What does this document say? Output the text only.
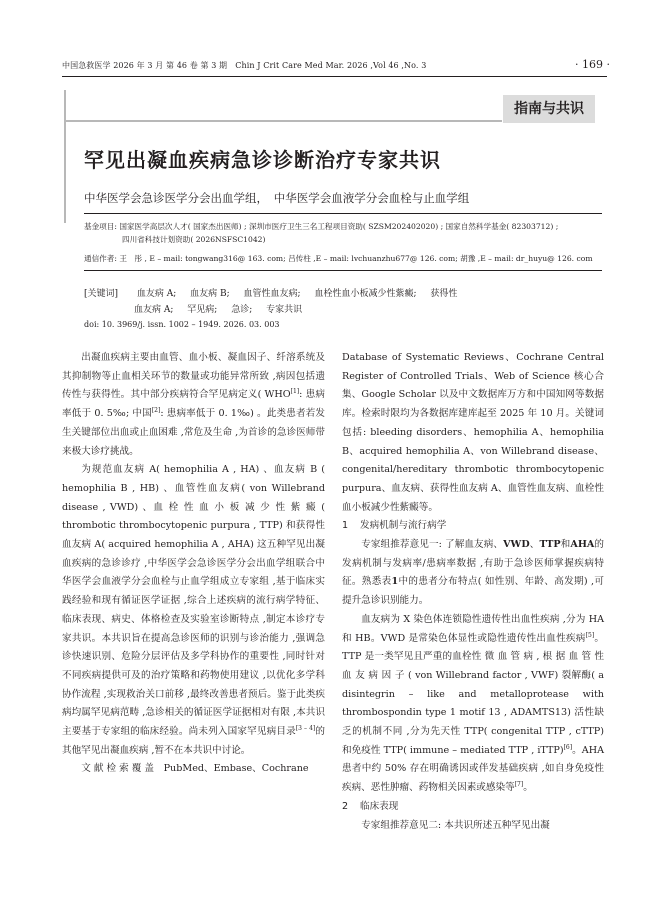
中国急救医学 2026 年 3 月 第 46 卷 第 3 期　Chin J Crit Care Med Mar. 2026 ,Vol 46 ,No. 3	· 169 ·
指南与共识
罕见出凝血疾病急诊诊断治疗专家共识
中华医学会急诊医学分会出血学组，　中华医学会血液学分会血栓与止血学组
基金项目: 国家医学高层次人才( 国家杰出医师) ; 深圳市医疗卫生三名工程项目资助( SZSM202402020) ; 国家自然科学基金( 82303712) ;
四川省科技计划资助( 2026NSFSC1042)
通信作者: 王　彤 , E – mail: tongwang316@ 163. com; 吕传柱 ,E – mail: lvchuanzhu677@ 126. com; 胡豫 ,E – mail: dr_huyu@ 126. com
[关键词] 血友病 A; 血友病 B; 血管性血友病; 血栓性血小板减少性紫癜; 获得性
血友病 A; 罕见病; 急诊; 专家共识
doi: 10. 3969/j. issn. 1002 – 1949. 2026. 03. 003

出凝血疾病主要由血管、血小板、凝血因子、纤溶系统及其抑制物等止血相关环节的数量或功能异常所致 ,病因包括遗传性与获得性。其中部分疾病符合罕见病定义( WHO[1]: 患病率低于 0. 5‰; 中国[2]: 患病率低于 0. 1‰) 。此类患者若发生关键部位出血或止血困难 ,常危及生命 ,为首诊的急诊医师带来极大诊疗挑战。

为规范血友病 A( hemophilia A , HA) 、血友病 B ( hemophilia B , HB) 、血管性血友病( von Willebrand disease , VWD) 、血 栓 性 血 小 板 减 少 性 紫 癜 ( thrombotic thrombocytopenic purpura , TTP) 和获得性血友病 A( acquired hemophilia A , AHA) 这五种罕见出凝血疾病的急诊诊疗 ,中华医学会急诊医学分会出血学组联合中华医学会血液学分会血栓与止血学组成立专家组 ,基于临床实践经验和现有循证医学证据 ,综合上述疾病的流行病学特征、临床表现、病史、体格检查及实验室诊断特点 ,制定本诊疗专家共识。本共识旨在提高急诊医师的识别与诊治能力 ,强调急诊快速识别、危险分层评估及多学科协作的重要性 ,同时针对不同疾病提供可及的治疗策略和药物使用建议 ,以优化多学科协作流程 ,实现救治关口前移 ,最终改善患者预后。鉴于此类疾病均属罕见病范畴 ,急诊相关的循证医学证据相对有限 ,本共识主要基于专家组的临床经验。尚未列入国家罕见病目录[3 – 4]的其他罕见出凝血疾病 ,暂不在本共识中讨论。

文 献 检 索 覆 盖　PubMed、Embase、Cochrane

Database of Systematic Reviews、Cochrane Central Register of Controlled Trials、Web of Science 核心合集、Google Scholar 以及中文数据库万方和中国知网等数据库。检索时限均为各数据库建库起至 2025 年 10 月。关键词包括: bleeding disorders、hemophilia A、hemophilia B、acquired hemophilia A、von Willebrand disease、congenital/hereditary thrombotic thrombocytopenic purpura、血友病、获得性血友病 A、血管性血友病、血栓性血小板减少性紫癜等。

1 发病机制与流行病学

专家组推荐意见一: 了解血友病、VWD、TTP和AHA的发病机制与发病率/患病率数据 ,有助于急诊医师掌握疾病特征。熟悉表1中的患者分布特点( 如性别、年龄、高发期) ,可提升急诊识别能力。

血友病为 X 染色体连锁隐性遗传性出血性疾病 ,分为 HA 和 HB。VWD 是常染色体显性或隐性遗传性出血性疾病[5]。TTP 是一类罕见且严重的血栓性 微 血 管 病 , 根 据 血 管 性 血 友 病 因 子 ( von Willebrand factor , VWF) 裂解酶( a disintegrin – like and metalloprotease with thrombospondin type 1 motif 13 , ADAMTS13) 活性缺乏的机制不同 ,分为先天性 TTP( congenital TTP , cTTP) 和免疫性 TTP( immune – mediated TTP , iTTP)[6]。AHA 患者中约 50% 存在明确诱因或伴发基础疾病 ,如自身免疫性疾病、恶性肿瘤、药物相关因素或感染等[7]。

2 临床表现

专家组推荐意见二: 本共识所述五种罕见出凝
